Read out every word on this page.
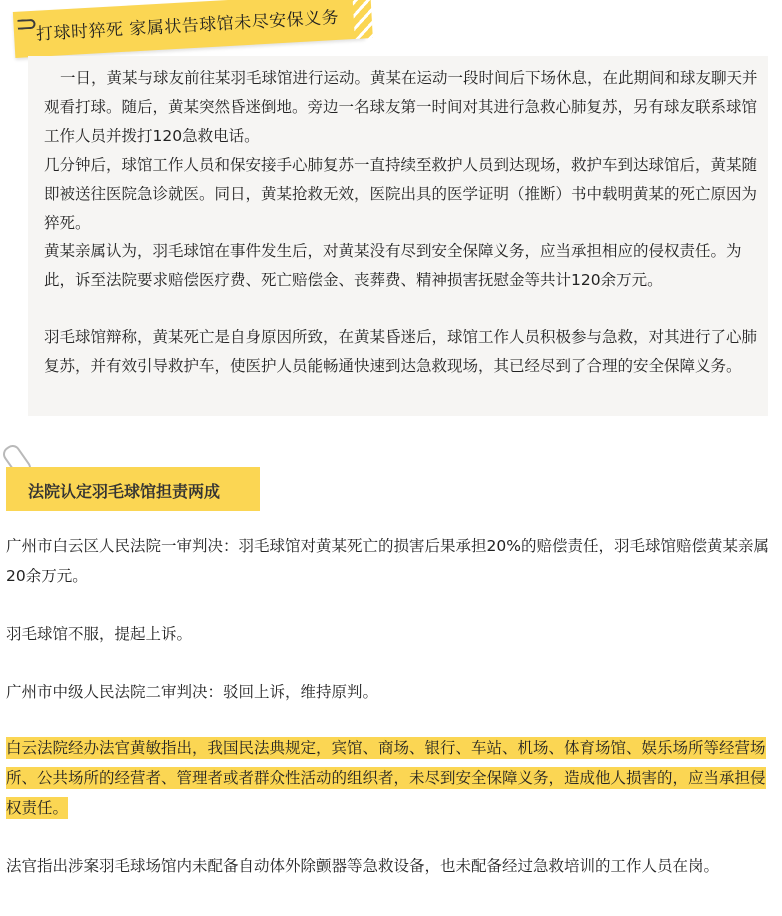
打球时猝死 家属状告球馆未尽安保义务

一日，黄某与球友前往某羽毛球馆进行运动。黄某在运动一段时间后下场休息，在此期间和球友聊天并观看打球。随后，黄某突然昏迷倒地。旁边一名球友第一时间对其进行急救心肺复苏，另有球友联系球馆工作人员并拨打120急救电话。

几分钟后，球馆工作人员和保安接手心肺复苏一直持续至救护人员到达现场，救护车到达球馆后，黄某随即被送往医院急诊就医。同日，黄某抢救无效，医院出具的医学证明（推断）书中载明黄某的死亡原因为猝死。

黄某亲属认为，羽毛球馆在事件发生后，对黄某没有尽到安全保障义务，应当承担相应的侵权责任。为此，诉至法院要求赔偿医疗费、死亡赔偿金、丧葬费、精神损害抚慰金等共计120余万元。

羽毛球馆辩称，黄某死亡是自身原因所致，在黄某昏迷后，球馆工作人员积极参与急救，对其进行了心肺复苏，并有效引导救护车，使医护人员能畅通快速到达急救现场，其已经尽到了合理的安全保障义务。

法院认定羽毛球馆担责两成

广州市白云区人民法院一审判决：羽毛球馆对黄某死亡的损害后果承担20%的赔偿责任，羽毛球馆赔偿黄某亲属20余万元。

羽毛球馆不服，提起上诉。

广州市中级人民法院二审判决：驳回上诉，维持原判。

白云法院经办法官黄敏指出，我国民法典规定，宾馆、商场、银行、车站、机场、体育场馆、娱乐场所等经营场所、公共场所的经营者、管理者或者群众性活动的组织者，未尽到安全保障义务，造成他人损害的，应当承担侵权责任。

法官指出涉案羽毛球场馆内未配备自动体外除颤器等急救设备，也未配备经过急救培训的工作人员在岗。
